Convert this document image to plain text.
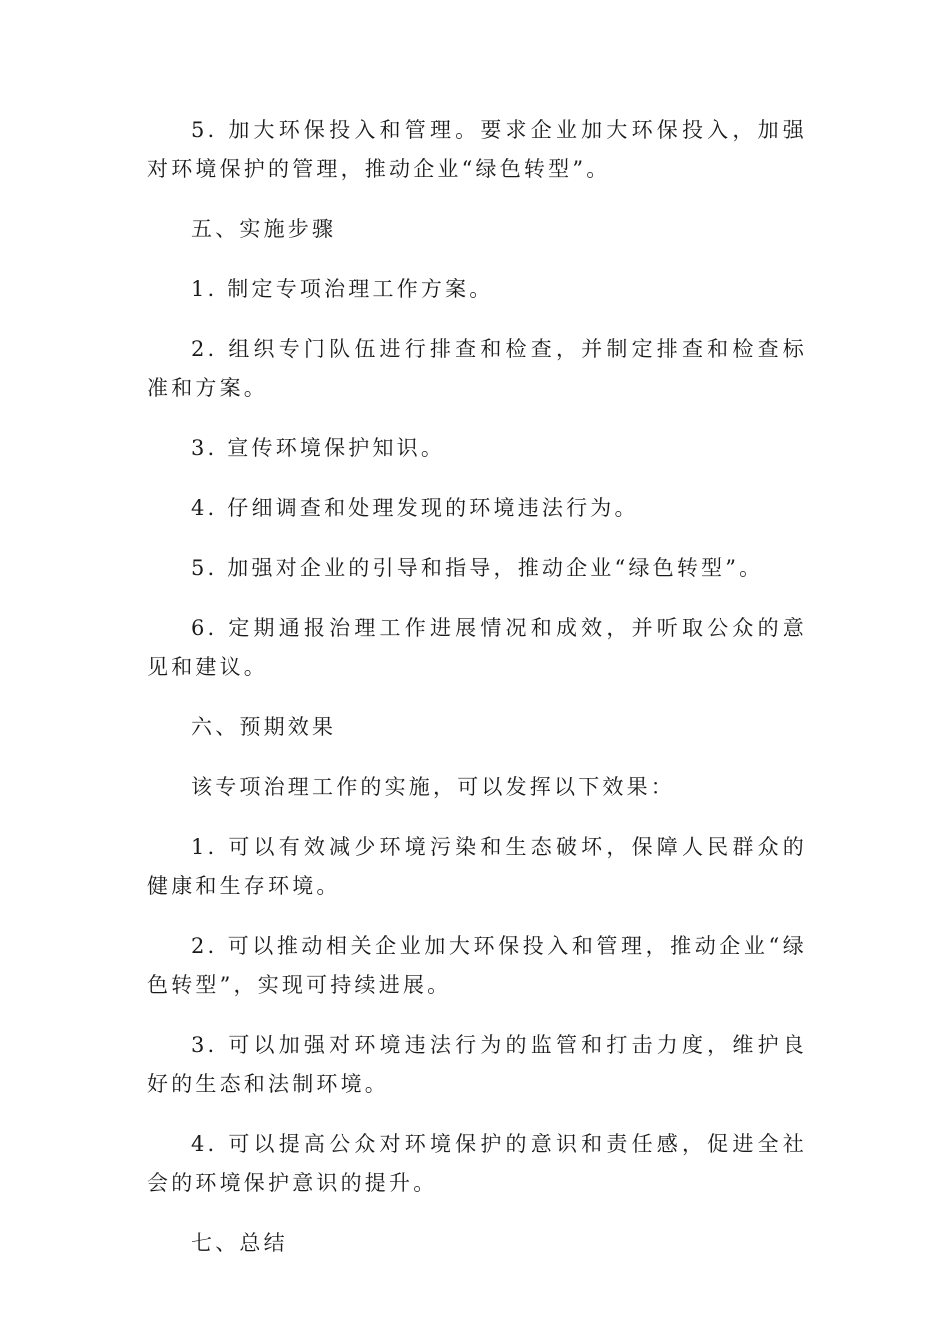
5. 加大环保投入和管理。要求企业加大环保投入，加强对环境保护的管理，推动企业“绿色转型”。

五、实施步骤

1. 制定专项治理工作方案。

2. 组织专门队伍进行排查和检查，并制定排查和检查标准和方案。

3. 宣传环境保护知识。

4. 仔细调查和处理发现的环境违法行为。

5. 加强对企业的引导和指导，推动企业“绿色转型”。

6. 定期通报治理工作进展情况和成效，并听取公众的意见和建议。

六、预期效果

该专项治理工作的实施，可以发挥以下效果：

1. 可以有效减少环境污染和生态破坏，保障人民群众的健康和生存环境。

2. 可以推动相关企业加大环保投入和管理，推动企业“绿色转型”，实现可持续进展。

3. 可以加强对环境违法行为的监管和打击力度，维护良好的生态和法制环境。

4. 可以提高公众对环境保护的意识和责任感，促进全社会的环境保护意识的提升。

七、总结
